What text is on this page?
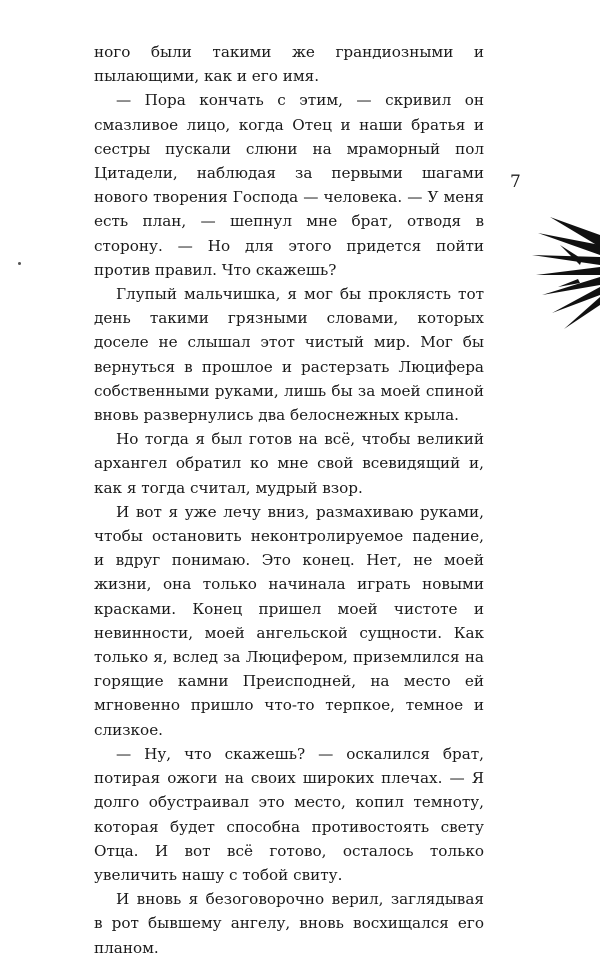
ного были такими же грандиозными и пылающими, как и его имя.

— Пора кончать с этим, — скривил он смазливое лицо, когда Отец и наши братья и сестры пускали слюни на мраморный пол Цитадели, наблюдая за первыми шагами нового творения Господа — человека. — У меня есть план, — шепнул мне брат, отводя в сторону. — Но для этого придется пойти против правил. Что скажешь?

Глупый мальчишка, я мог бы проклясть тот день такими грязными словами, которых доселе не слышал этот чистый мир. Мог бы вернуться в прошлое и растерзать Люцифера собственными руками, лишь бы за моей спиной вновь развернулись два белоснежных крыла.

Но тогда я был готов на всё, чтобы великий архангел обратил ко мне свой всевидящий и, как я тогда считал, мудрый взор.

И вот я уже лечу вниз, размахиваю руками, чтобы остановить неконтролируемое падение, и вдруг понимаю. Это конец. Нет, не моей жизни, она только начинала играть новыми красками. Конец пришел моей чистоте и невинности, моей ангельской сущности. Как только я, вслед за Люцифером, приземлился на горящие камни Преисподней, на место ей мгновенно пришло что-то терпкое, темное и слизкое.

— Ну, что скажешь? — оскалился брат, потирая ожоги на своих широких плечах. — Я долго обустраивал это место, копил темноту, которая будет способна противостоять свету Отца. И вот всё готово, осталось только увеличить нашу с тобой свиту.

И вновь я безоговорочно верил, заглядывая в рот бывшему ангелу, вновь восхищался его планом.

7
